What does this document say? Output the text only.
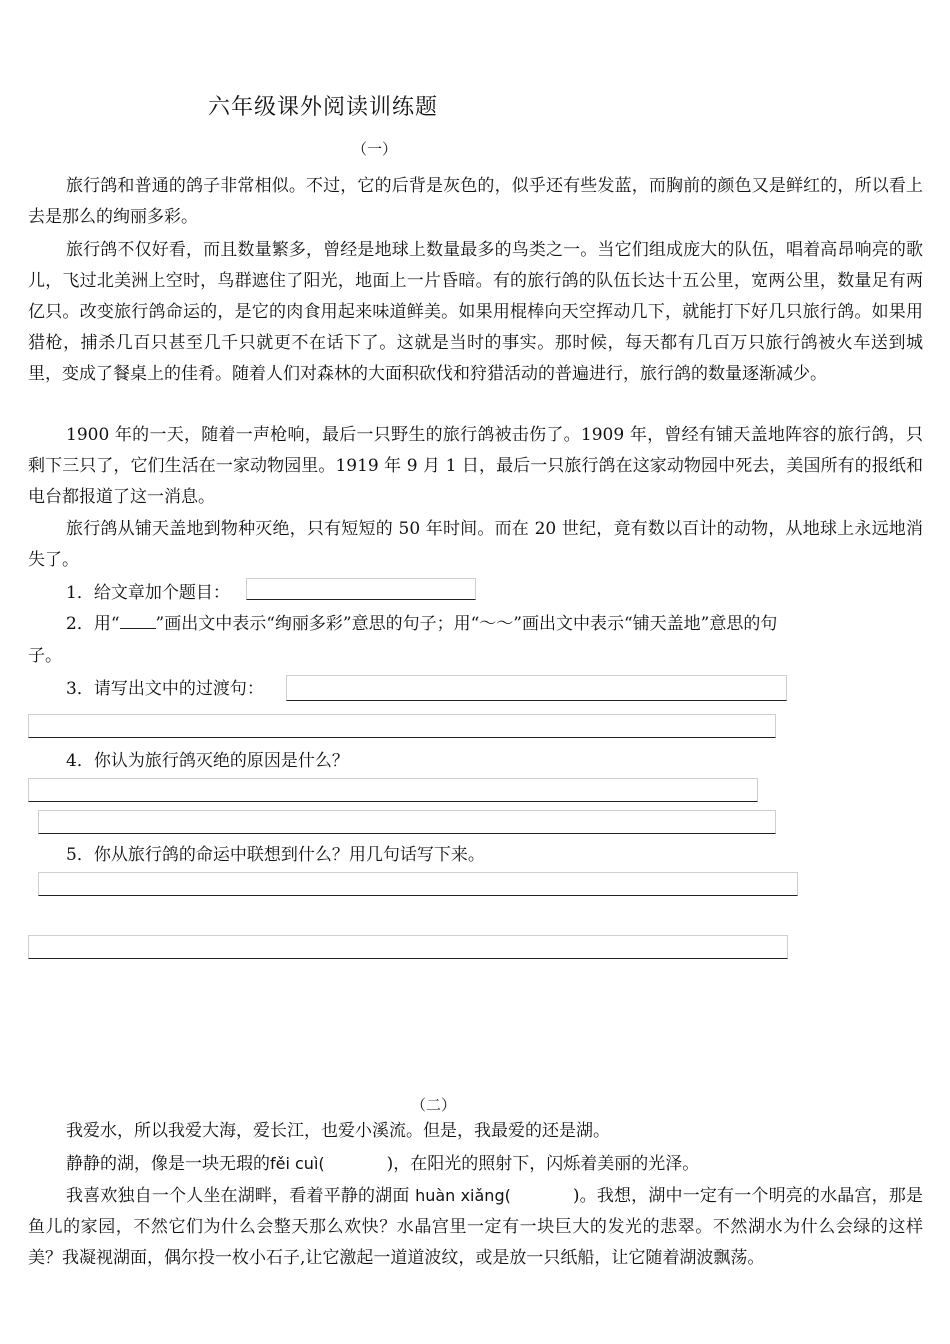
六年级课外阅读训练题
（一）
旅行鸽和普通的鸽子非常相似。不过，它的后背是灰色的，似乎还有些发蓝，而胸前的颜色又是鲜红的，所以看上去是那么的绚丽多彩。
旅行鸽不仅好看，而且数量繁多，曾经是地球上数量最多的鸟类之一。当它们组成庞大的队伍，唱着高昂响亮的歌儿，飞过北美洲上空时，鸟群遮住了阳光，地面上一片昏暗。有的旅行鸽的队伍长达十五公里，宽两公里，数量足有两亿只。改变旅行鸽命运的，是它的肉食用起来味道鲜美。如果用棍棒向天空挥动几下，就能打下好几只旅行鸽。如果用猎枪，捕杀几百只甚至几千只就更不在话下了。这就是当时的事实。那时候，每天都有几百万只旅行鸽被火车送到城里，变成了餐桌上的佳肴。随着人们对森林的大面积砍伐和狩猎活动的普遍进行，旅行鸽的数量逐渐减少。
1900 年的一天，随着一声枪响，最后一只野生的旅行鸽被击伤了。1909 年，曾经有铺天盖地阵容的旅行鸽，只剩下三只了，它们生活在一家动物园里。1919 年 9 月 1 日，最后一只旅行鸽在这家动物园中死去，美国所有的报纸和电台都报道了这一消息。
旅行鸽从铺天盖地到物种灭绝，只有短短的 50 年时间。而在 20 世纪，竟有数以百计的动物，从地球上永远地消失了。
1．给文章加个题目：
2．用“ ”画出文中表示“绚丽多彩”意思的句子；用“～～”画出文中表示“铺天盖地”意思的句
子。
3．请写出文中的过渡句：
4．你认为旅行鸽灭绝的原因是什么？
5．你从旅行鸽的命运中联想到什么？用几句话写下来。
（二）
我爱水，所以我爱大海，爱长江，也爱小溪流。但是，我最爱的还是湖。
静静的湖，像是一块无瑕的fěi cuì(	)，在阳光的照射下，闪烁着美丽的光泽。
我喜欢独自一个人坐在湖畔，看着平静的湖面 huàn xiǎng(	)。我想，湖中一定有一个明亮的水晶宫，那是鱼儿的家园，不然它们为什么会整天那么欢快？水晶宫里一定有一块巨大的发光的悲翠。不然湖水为什么会绿的这样美？我凝视湖面，偶尔投一枚小石子,让它激起一道道波纹，或是放一只纸船，让它随着湖波飘荡。
